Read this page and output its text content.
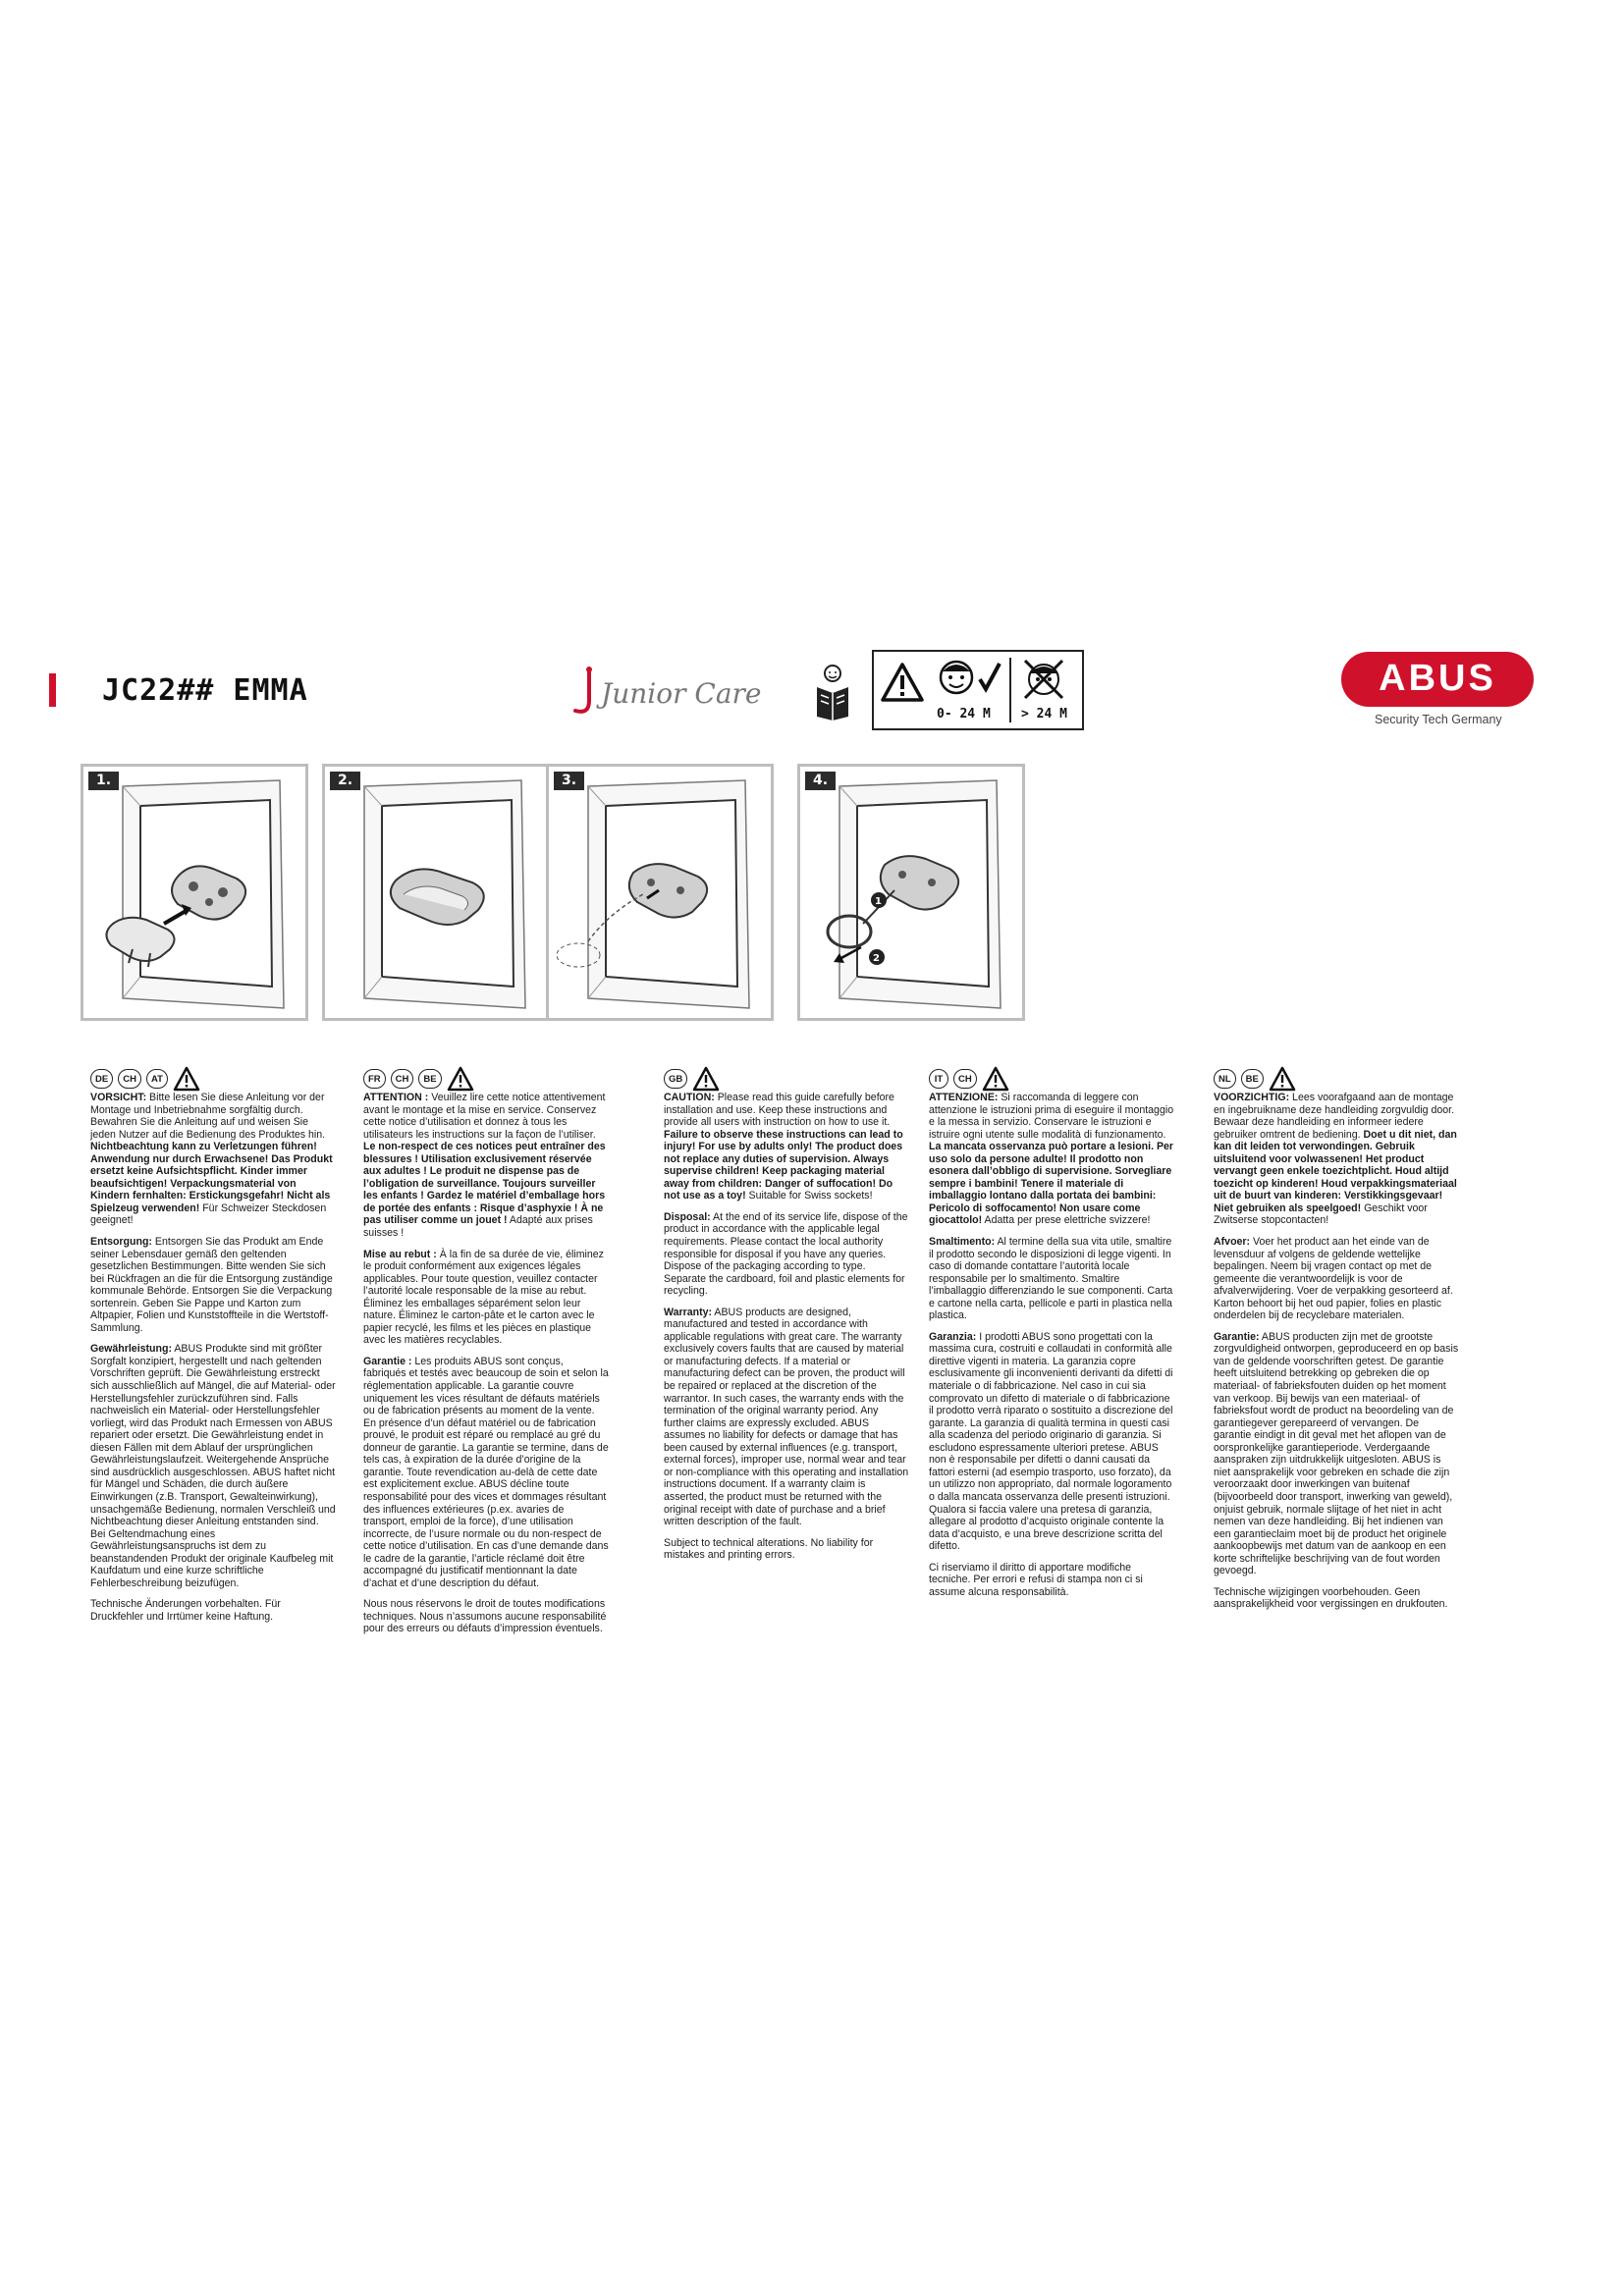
JC22## EMMA	Junior Care
0- 24 M > 24 M
ABUS
Security Tech Germany
1.	2.	3.
1
2
4.
DE CH AT

VORSICHT: Bitte lesen Sie diese Anleitung vor der Montage und Inbetriebnahme sorgfältig durch. Bewahren Sie die Anleitung auf und weisen Sie jeden Nutzer auf die Bedienung des Produktes hin. Nichtbeachtung kann zu Verletzungen führen! Anwendung nur durch Erwachsene! Das Produkt ersetzt keine Aufsichtspflicht. Kinder immer beaufsichtigen! Verpackungsmaterial von Kindern fernhalten: Erstickungsgefahr! Nicht als Spielzeug verwenden! Für Schweizer Steckdosen geeignet!

Entsorgung: Entsorgen Sie das Produkt am Ende seiner Lebensdauer gemäß den geltenden gesetzlichen Bestimmungen. Bitte wenden Sie sich bei Rückfragen an die für die Entsorgung zuständige kommunale Behörde. Entsorgen Sie die Verpackung sortenrein. Geben Sie Pappe und Karton zum Altpapier, Folien und Kunststoffteile in die Wertstoff-Sammlung.

Gewährleistung: ABUS Produkte sind mit größter Sorgfalt konzipiert, hergestellt und nach geltenden Vorschriften geprüft. Die Gewährleistung erstreckt sich ausschließlich auf Mängel, die auf Material- oder Herstellungsfehler zurückzuführen sind. Falls nachweislich ein Material- oder Herstellungsfehler vorliegt, wird das Produkt nach Ermessen von ABUS repariert oder ersetzt. Die Gewährleistung endet in diesen Fällen mit dem Ablauf der ursprünglichen Gewährleistungslaufzeit. Weitergehende Ansprüche sind ausdrücklich ausgeschlossen. ABUS haftet nicht für Mängel und Schäden, die durch äußere Einwirkungen (z.B. Transport, Gewalteinwirkung), unsachgemäße Bedienung, normalen Verschleiß und Nichtbeachtung dieser Anleitung entstanden sind. Bei Geltendmachung eines Gewährleistungsanspruchs ist dem zu beanstandenden Produkt der originale Kaufbeleg mit Kaufdatum und eine kurze schriftliche Fehlerbeschreibung beizufügen.

Technische Änderungen vorbehalten. Für Druckfehler und Irrtümer keine Haftung.

FR CH BE

ATTENTION : Veuillez lire cette notice attentivement avant le montage et la mise en service. Conservez cette notice d’utilisation et donnez à tous les utilisateurs les instructions sur la façon de l’utiliser. Le non-respect de ces notices peut entraîner des blessures ! Utilisation exclusivement réservée aux adultes ! Le produit ne dispense pas de l’obligation de surveillance. Toujours surveiller les enfants ! Gardez le matériel d’emballage hors de portée des enfants : Risque d’asphyxie ! À ne pas utiliser comme un jouet ! Adapté aux prises suisses !

Mise au rebut : À la fin de sa durée de vie, éliminez le produit conformément aux exigences légales applicables. Pour toute question, veuillez contacter l’autorité locale responsable de la mise au rebut. Éliminez les emballages séparément selon leur nature. Éliminez le carton-pâte et le carton avec le papier recyclé, les films et les pièces en plastique avec les matières recyclables.

Garantie : Les produits ABUS sont conçus, fabriqués et testés avec beaucoup de soin et selon la réglementation applicable. La garantie couvre uniquement les vices résultant de défauts matériels ou de fabrication présents au moment de la vente. En présence d’un défaut matériel ou de fabrication prouvé, le produit est réparé ou remplacé au gré du donneur de garantie. La garantie se termine, dans de tels cas, à expiration de la durée d’origine de la garantie. Toute revendication au-delà de cette date est explicitement exclue. ABUS décline toute responsabilité pour des vices et dommages résultant des influences extérieures (p.ex. avaries de transport, emploi de la force), d’une utilisation incorrecte, de l’usure normale ou du non-respect de cette notice d’utilisation. En cas d’une demande dans le cadre de la garantie, l’article réclamé doit être accompagné du justificatif mentionnant la date d’achat et d’une description du défaut.

Nous nous réservons le droit de toutes modifications techniques. Nous n’assumons aucune responsabilité pour des erreurs ou défauts d’impression éventuels.

GB

CAUTION: Please read this guide carefully before installation and use. Keep these instructions and provide all users with instruction on how to use it. Failure to observe these instructions can lead to injury! For use by adults only! The product does not replace any duties of supervision. Always supervise children! Keep packaging material away from children: Danger of suffocation! Do not use as a toy! Suitable for Swiss sockets!

Disposal: At the end of its service life, dispose of the product in accordance with the applicable legal requirements. Please contact the local authority responsible for disposal if you have any queries. Dispose of the packaging according to type. Separate the cardboard, foil and plastic elements for recycling.

Warranty: ABUS products are designed, manufactured and tested in accordance with applicable regulations with great care. The warranty exclusively covers faults that are caused by material or manufacturing defects. If a material or manufacturing defect can be proven, the product will be repaired or replaced at the discretion of the warrantor. In such cases, the warranty ends with the termination of the original warranty period. Any further claims are expressly excluded. ABUS assumes no liability for defects or damage that has been caused by external influences (e.g. transport, external forces), improper use, normal wear and tear or non-compliance with this operating and installation instructions document. If a warranty claim is asserted, the product must be returned with the original receipt with date of purchase and a brief written description of the fault.

Subject to technical alterations. No liability for mistakes and printing errors.

IT CH

ATTENZIONE: Si raccomanda di leggere con attenzione le istruzioni prima di eseguire il montaggio e la messa in servizio. Conservare le istruzioni e istruire ogni utente sulle modalità di funzionamento. La mancata osservanza può portare a lesioni. Per uso solo da persone adulte! Il prodotto non esonera dall’obbligo di supervisione. Sorvegliare sempre i bambini! Tenere il materiale di imballaggio lontano dalla portata dei bambini: Pericolo di soffocamento! Non usare come giocattolo! Adatta per prese elettriche svizzere!

Smaltimento: Al termine della sua vita utile, smaltire il prodotto secondo le disposizioni di legge vigenti. In caso di domande contattare l’autorità locale responsabile per lo smaltimento. Smaltire l’imballaggio differenziando le sue componenti. Carta e cartone nella carta, pellicole e parti in plastica nella plastica.

Garanzia: I prodotti ABUS sono progettati con la massima cura, costruiti e collaudati in conformità alle direttive vigenti in materia. La garanzia copre esclusivamente gli inconvenienti derivanti da difetti di materiale o di fabbricazione. Nel caso in cui sia comprovato un difetto di materiale o di fabbricazione il prodotto verrà riparato o sostituito a discrezione del garante. La garanzia di qualità termina in questi casi alla scadenza del periodo originario di garanzia. Si escludono espressamente ulteriori pretese. ABUS non è responsabile per difetti o danni causati da fattori esterni (ad esempio trasporto, uso forzato), da un utilizzo non appropriato, dal normale logoramento o dalla mancata osservanza delle presenti istruzioni. Qualora si faccia valere una pretesa di garanzia, allegare al prodotto d’acquisto originale contente la data d’acquisto, e una breve descrizione scritta del difetto.

Ci riserviamo il diritto di apportare modifiche tecniche. Per errori e refusi di stampa non ci si assume alcuna responsabilità.

NL BE

VOORZICHTIG: Lees voorafgaand aan de montage en ingebruikname deze handleiding zorgvuldig door. Bewaar deze handleiding en informeer iedere gebruiker omtrent de bediening. Doet u dit niet, dan kan dit leiden tot verwondingen. Gebruik uitsluitend voor volwassenen! Het product vervangt geen enkele toezichtplicht. Houd altijd toezicht op kinderen! Houd verpakkingsmateriaal uit de buurt van kinderen: Verstikkingsgevaar! Niet gebruiken als speelgoed! Geschikt voor Zwitserse stopcontacten!

Afvoer: Voer het product aan het einde van de levensduur af volgens de geldende wettelijke bepalingen. Neem bij vragen contact op met de gemeente die verantwoordelijk is voor de afvalverwijdering. Voer de verpakking gesorteerd af. Karton behoort bij het oud papier, folies en plastic onderdelen bij de recyclebare materialen.

Garantie: ABUS producten zijn met de grootste zorgvuldigheid ontworpen, geproduceerd en op basis van de geldende voorschriften getest. De garantie heeft uitsluitend betrekking op gebreken die op materiaal- of fabrieksfouten duiden op het moment van verkoop. Bij bewijs van een materiaal- of fabrieksfout wordt de product na beoordeling van de garantiegever gerepareerd of vervangen. De garantie eindigt in dit geval met het aflopen van de oorspronkelijke garantieperiode. Verdergaande aanspraken zijn uitdrukkelijk uitgesloten. ABUS is niet aansprakelijk voor gebreken en schade die zijn veroorzaakt door inwerkingen van buitenaf (bijvoorbeeld door transport, inwerking van geweld), onjuist gebruik, normale slijtage of het niet in acht nemen van deze handleiding. Bij het indienen van een garantieclaim moet bij de product het originele aankoopbewijs met datum van de aankoop en een korte schriftelijke beschrijving van de fout worden gevoegd.

Technische wijzigingen voorbehouden. Geen aansprakelijkheid voor vergissingen en drukfouten.
